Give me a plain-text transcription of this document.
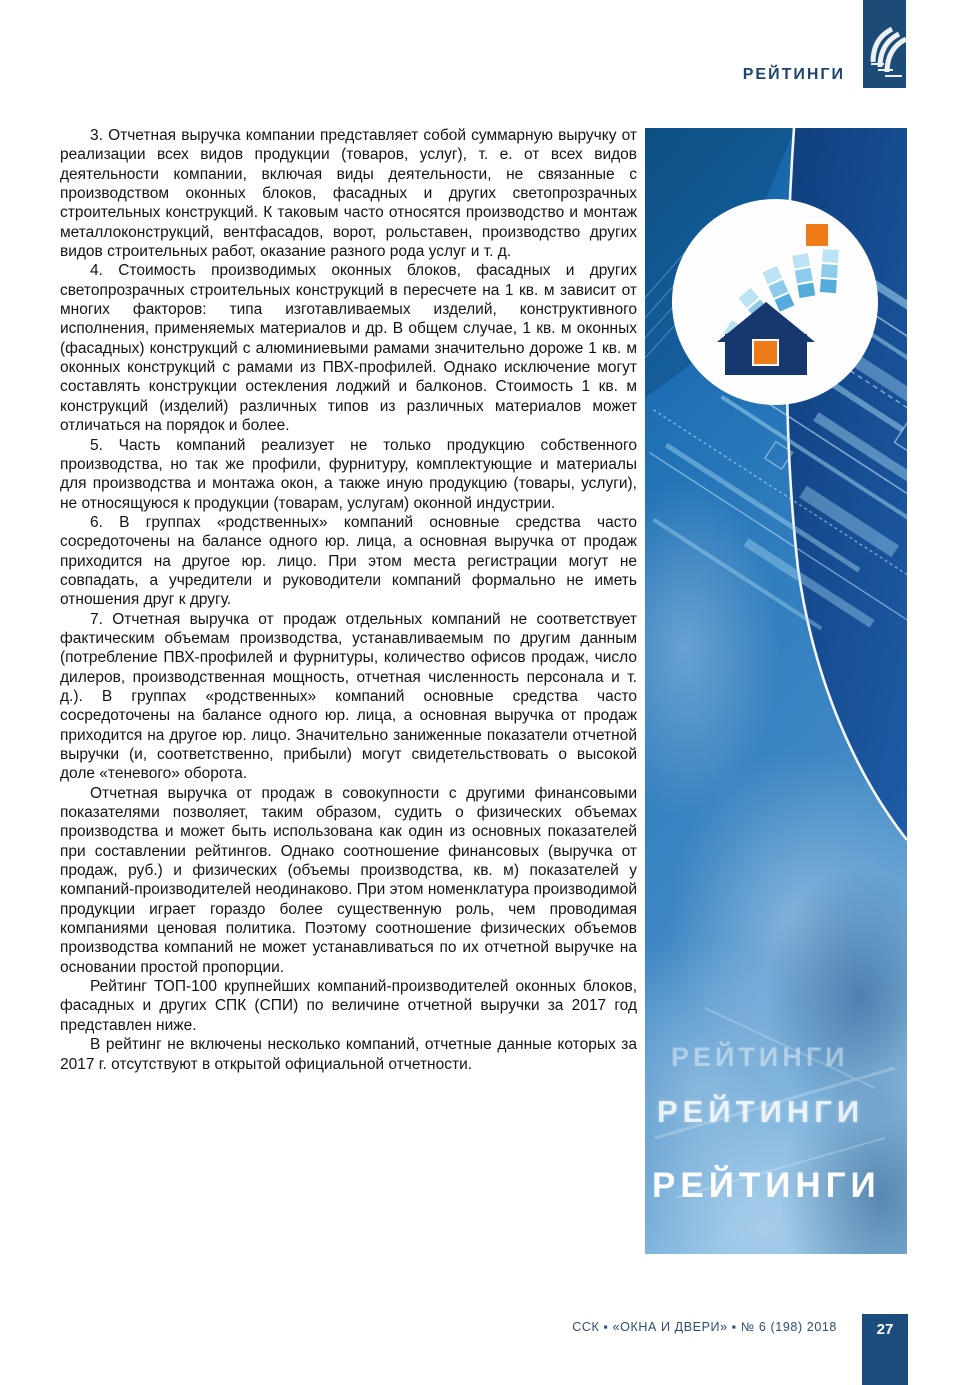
РЕЙТИНГИ

3. Отчетная выручка компании представляет собой суммарную выручку от реализации всех видов продукции (товаров, услуг), т. е. от всех видов деятельности компании, включая виды деятельности, не связанные с производством оконных блоков, фасадных и других светопрозрачных строительных конструкций. К таковым часто относятся производство и монтаж металлоконструкций, вентфасадов, ворот, рольставен, производство других видов строительных работ, оказание разного рода услуг и т. д.

4. Стоимость производимых оконных блоков, фасадных и других светопрозрачных строительных конструкций в пересчете на 1 кв. м зависит от многих факторов: типа изготавливаемых изделий, конструктивного исполнения, применяемых материалов и др. В общем случае, 1 кв. м оконных (фасадных) конструкций с алюминиевыми рамами значительно дороже 1 кв. м оконных конструкций с рамами из ПВХ-профилей. Однако исключение могут составлять конструкции остекления лоджий и балконов. Стоимость 1 кв. м конструкций (изделий) различных типов из различных материалов может отличаться на порядок и более.

5. Часть компаний реализует не только продукцию собственного производства, но так же профили, фурнитуру, комплектующие и материалы для производства и монтажа окон, а также иную продукцию (товары, услуги), не относящуюся к продукции (товарам, услугам) оконной индустрии.

6. В группах «родственных» компаний основные средства часто сосредоточены на балансе одного юр. лица, а основная выручка от продаж приходится на другое юр. лицо. При этом места регистрации могут не совпадать, а учредители и руководители компаний формально не иметь отношения друг к другу.

7. Отчетная выручка от продаж отдельных компаний не соответствует фактическим объемам производства, устанавливаемым по другим данным (потребление ПВХ-профилей и фурнитуры, количество офисов продаж, число дилеров, производственная мощность, отчетная численность персонала и т. д.). В группах «родственных» компаний основные средства часто сосредоточены на балансе одного юр. лица, а основная выручка от продаж приходится на другое юр. лицо. Значительно заниженные показатели отчетной выручки (и, соответственно, прибыли) могут свидетельствовать о высокой доле «теневого» оборота.

Отчетная выручка от продаж в совокупности с другими финансовыми показателями позволяет, таким образом, судить о физических объемах производства и может быть использована как один из основных показателей при составлении рейтингов. Однако соотношение финансовых (выручка от продаж, руб.) и физических (объемы производства, кв. м) показателей у компаний-производителей неодинаково. При этом номенклатура производимой продукции играет гораздо более существенную роль, чем проводимая компаниями ценовая политика. Поэтому соотношение физических объемов производства компаний не может устанавливаться по их отчетной выручке на основании простой пропорции.

Рейтинг ТОП-100 крупнейших компаний-производителей оконных блоков, фасадных и других СПК (СПИ) по величине отчетной выручки за 2017 год представлен ниже.

В рейтинг не включены несколько компаний, отчетные данные которых за 2017 г. отсутствуют в открытой официальной отчетности.	РЕЙТИНГИ
РЕЙТИНГИ
РЕЙТИНГИ
ССК ▪ «ОКНА И ДВЕРИ» ▪ № 6 (198) 2018	27
